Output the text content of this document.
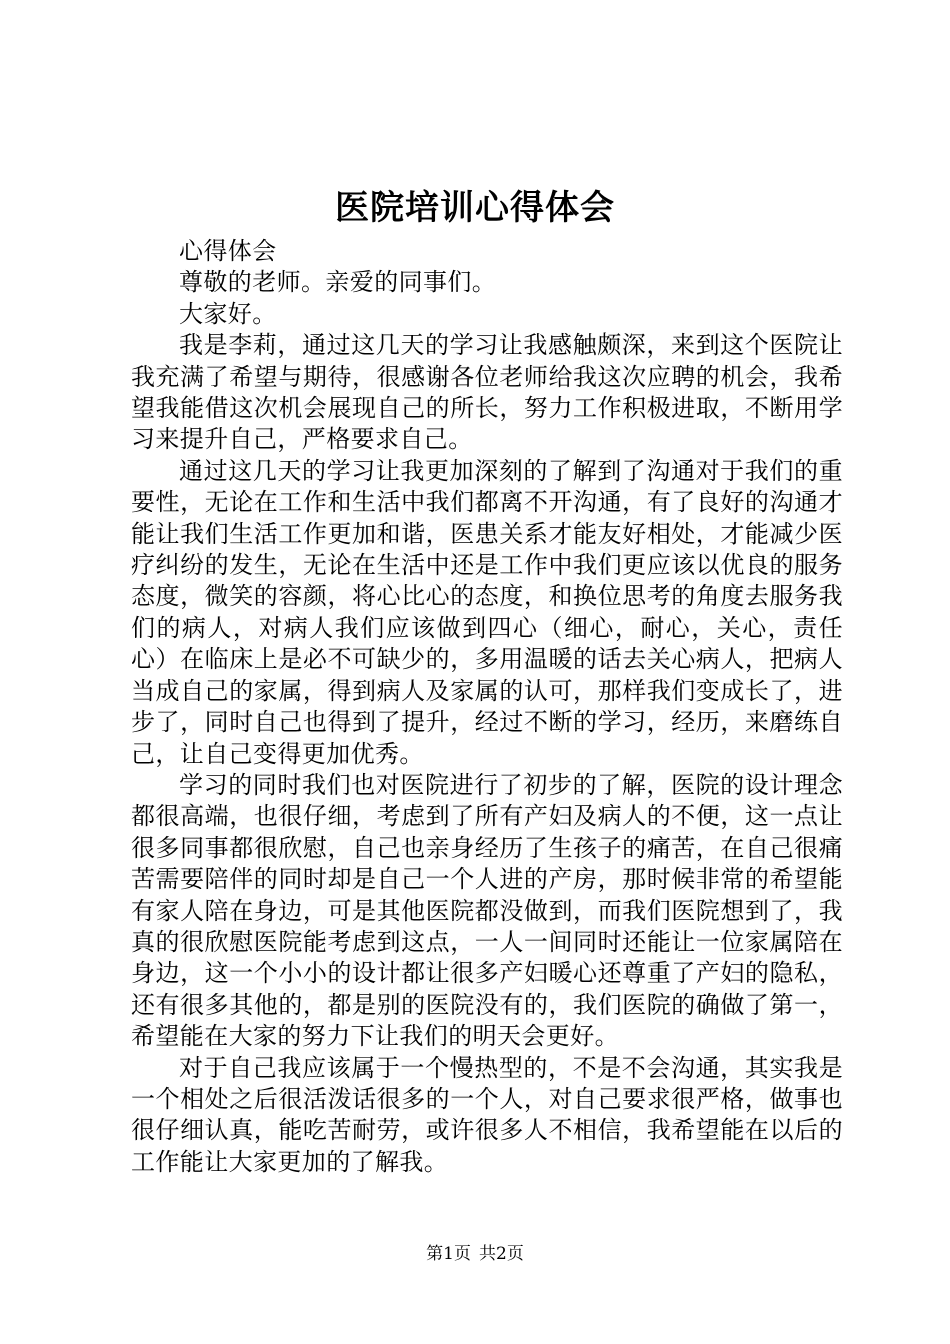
医院培训心得体会

心得体会

尊敬的老师。亲爱的同事们。

大家好。

我是李莉，通过这几天的学习让我感触颇深，来到这个医院让我充满了希望与期待，很感谢各位老师给我这次应聘的机会，我希望我能借这次机会展现自己的所长，努力工作积极进取，不断用学习来提升自己，严格要求自己。

通过这几天的学习让我更加深刻的了解到了沟通对于我们的重要性，无论在工作和生活中我们都离不开沟通，有了良好的沟通才能让我们生活工作更加和谐，医患关系才能友好相处，才能减少医疗纠纷的发生，无论在生活中还是工作中我们更应该以优良的服务态度，微笑的容颜，将心比心的态度，和换位思考的角度去服务我们的病人，对病人我们应该做到四心（细心，耐心，关心，责任心）在临床上是必不可缺少的，多用温暖的话去关心病人，把病人当成自己的家属，得到病人及家属的认可，那样我们变成长了，进步了，同时自己也得到了提升，经过不断的学习，经历，来磨练自己，让自己变得更加优秀。

学习的同时我们也对医院进行了初步的了解，医院的设计理念都很高端，也很仔细，考虑到了所有产妇及病人的不便，这一点让很多同事都很欣慰，自己也亲身经历了生孩子的痛苦，在自己很痛苦需要陪伴的同时却是自己一个人进的产房，那时候非常的希望能有家人陪在身边，可是其他医院都没做到，而我们医院想到了，我真的很欣慰医院能考虑到这点，一人一间同时还能让一位家属陪在身边，这一个小小的设计都让很多产妇暖心还尊重了产妇的隐私，还有很多其他的，都是别的医院没有的，我们医院的确做了第一，希望能在大家的努力下让我们的明天会更好。

对于自己我应该属于一个慢热型的，不是不会沟通，其实我是一个相处之后很活泼话很多的一个人，对自己要求很严格，做事也很仔细认真，能吃苦耐劳，或许很多人不相信，我希望能在以后的工作能让大家更加的了解我。

第1页 共2页
